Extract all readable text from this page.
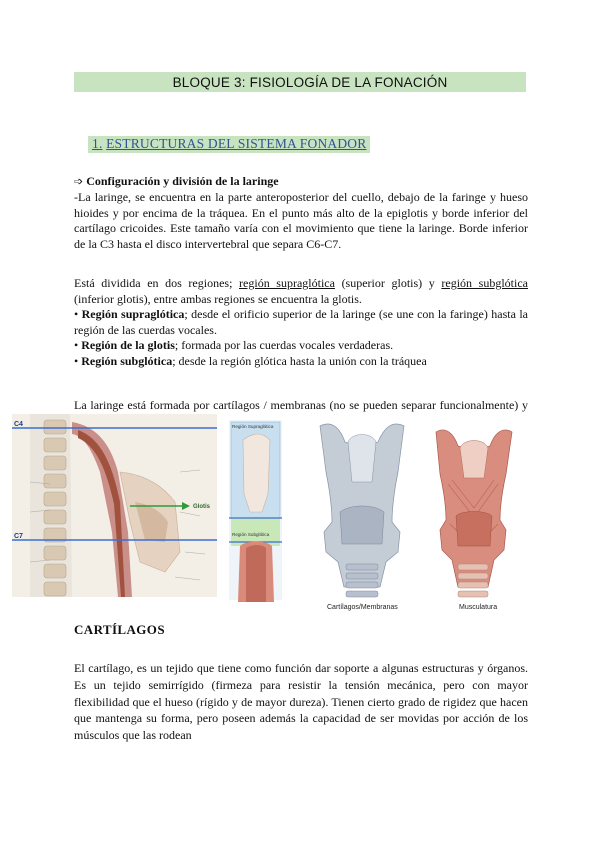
BLOQUE 3: FISIOLOGÍA DE LA FONACIÓN
1. ESTRUCTURAS DEL SISTEMA FONADOR
➩ Configuración y división de la laringe

-La laringe, se encuentra en la parte anteroposterior del cuello, debajo de la faringe y hueso hioides y por encima de la tráquea. En el punto más alto de la epiglotis y borde inferior del cartílago cricoides. Este tamaño varía con el movimiento que tiene la laringe. Borde inferior de la C3 hasta el disco intervertebral que separa C6-C7.

Está dividida en dos regiones; región supraglótica (superior glotis) y región subglótica (inferior glotis), entre ambas regiones se encuentra la glotis.

• Región supraglótica; desde el orificio superior de la laringe (se une con la faringe) hasta la región de las cuerdas vocales.

• Región de la glotis; formada por las cuerdas vocales verdaderas.

• Región subglótica; desde la región glótica hasta la unión con la tráquea

La laringe está formada por cartílagos / membranas (no se pueden separar funcionalmente) y

C4
C7
Glotis
Región Supraglótica
Región Subglótica
Cartílagos/Membranas	Musculatura
CARTÍLAGOS

El cartílago, es un tejido que tiene como función dar soporte a algunas estructuras y órganos. Es un tejido semirrígido (firmeza para resistir la tensión mecánica, pero con mayor flexibilidad que el hueso (rígido y de mayor dureza). Tienen cierto grado de rigidez que hacen que mantenga su forma, pero poseen además la capacidad de ser movidas por acción de los músculos que las rodean
